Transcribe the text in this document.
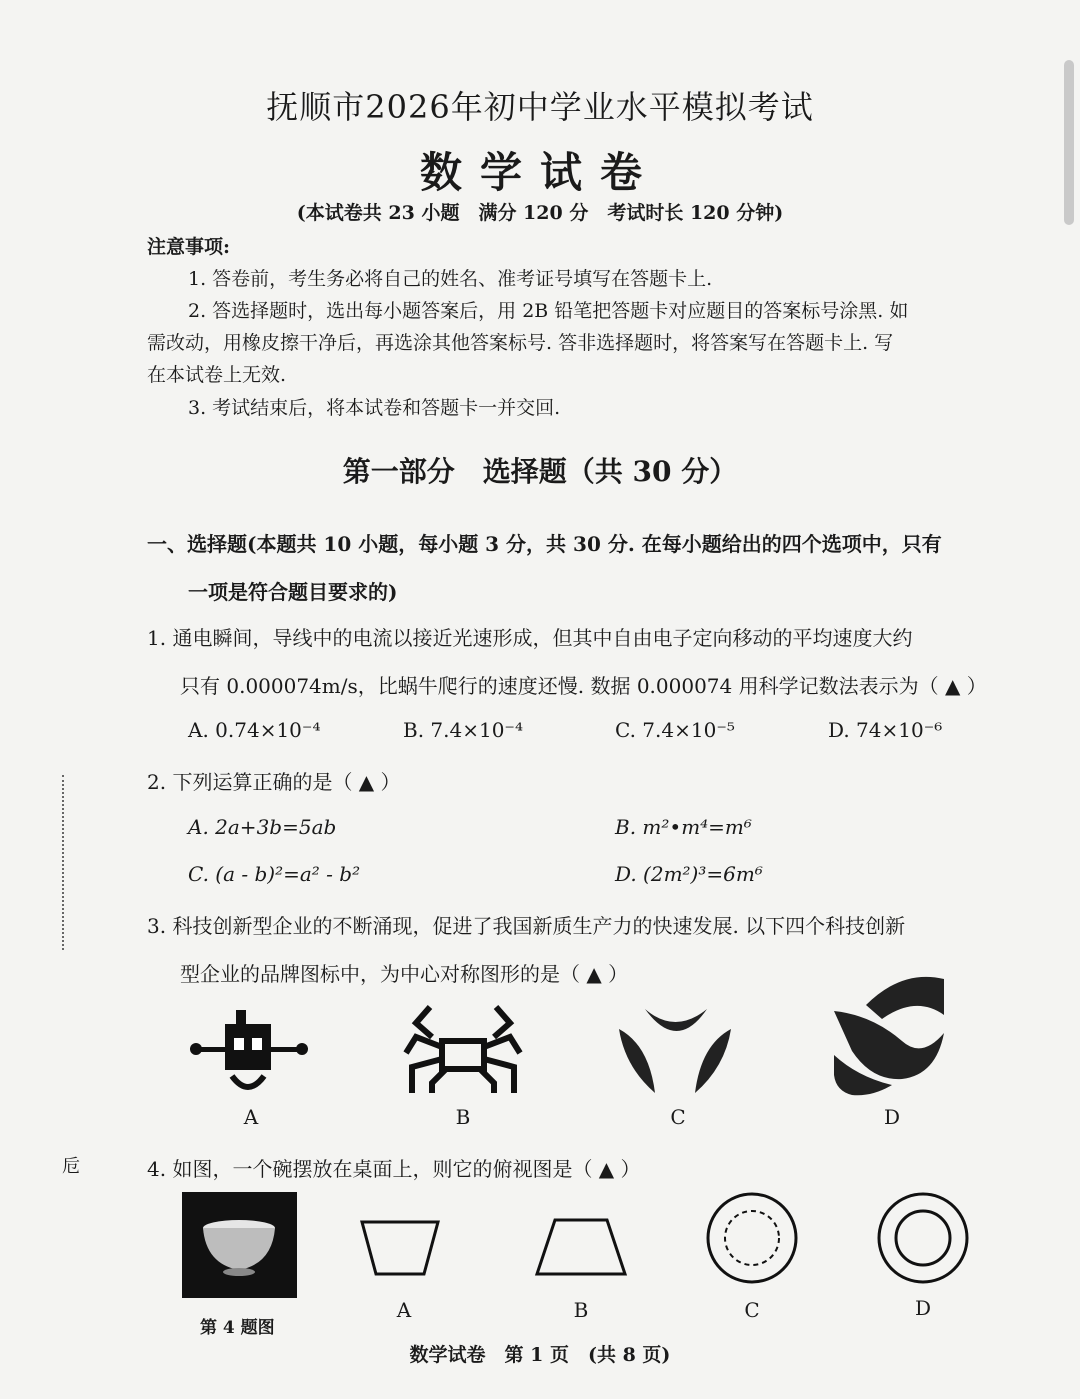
卮
抚顺市2026年初中学业水平模拟考试
数学试卷
(本试卷共 23 小题　满分 120 分　考试时长 120 分钟)
注意事项:
1. 答卷前，考生务必将自己的姓名、准考证号填写在答题卡上.
2. 答选择题时，选出每小题答案后，用 2B 铅笔把答题卡对应题目的答案标号涂黑. 如
需改动，用橡皮擦干净后，再选涂其他答案标号. 答非选择题时，将答案写在答题卡上. 写
在本试卷上无效.
3. 考试结束后，将本试卷和答题卡一并交回.
第一部分　选择题（共 30 分）
一、选择题(本题共 10 小题，每小题 3 分，共 30 分. 在每小题给出的四个选项中，只有
一项是符合题目要求的)
1. 通电瞬间，导线中的电流以接近光速形成，但其中自由电子定向移动的平均速度大约
只有 0.000074m/s，比蜗牛爬行的速度还慢. 数据 0.000074 用科学记数法表示为（ ▲ ）
A. 0.74×10⁻⁴	B. 7.4×10⁻⁴	C. 7.4×10⁻⁵	D. 74×10⁻⁶
2. 下列运算正确的是（ ▲ ）
A. 2a+3b=5ab	B. m²•m⁴=m⁶
C. (a - b)²=a² - b²	D. (2m²)³=6m⁶
3. 科技创新型企业的不断涌现，促进了我国新质生产力的快速发展. 以下四个科技创新
型企业的品牌图标中，为中心对称图形的是（ ▲ ）
A	B	C	D
4. 如图，一个碗摆放在桌面上，则它的俯视图是（ ▲ ）
第 4 题图
A	B	C	D
数学试卷　第 1 页　(共 8 页)
